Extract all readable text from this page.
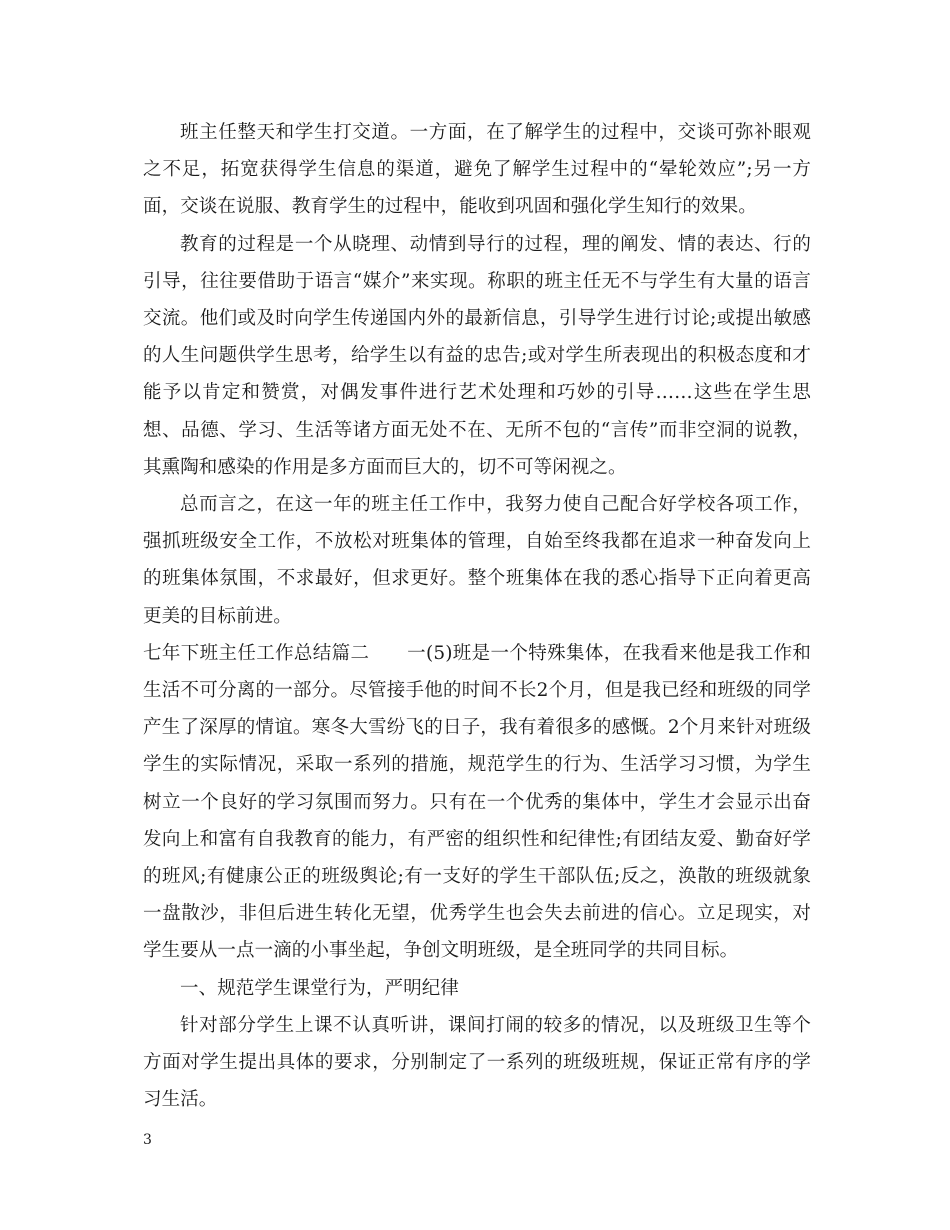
班主任整天和学生打交道。一方面，在了解学生的过程中，交谈可弥补眼观之不足，拓宽获得学生信息的渠道，避免了解学生过程中的“晕轮效应”;另一方面，交谈在说服、教育学生的过程中，能收到巩固和强化学生知行的效果。

教育的过程是一个从晓理、动情到导行的过程，理的阐发、情的表达、行的引导，往往要借助于语言“媒介”来实现。称职的班主任无不与学生有大量的语言交流。他们或及时向学生传递国内外的最新信息，引导学生进行讨论;或提出敏感的人生问题供学生思考，给学生以有益的忠告;或对学生所表现出的积极态度和才能予以肯定和赞赏，对偶发事件进行艺术处理和巧妙的引导……这些在学生思想、品德、学习、生活等诸方面无处不在、无所不包的“言传”而非空洞的说教，其熏陶和感染的作用是多方面而巨大的，切不可等闲视之。

总而言之，在这一年的班主任工作中，我努力使自己配合好学校各项工作，强抓班级安全工作，不放松对班集体的管理，自始至终我都在追求一种奋发向上的班集体氛围，不求最好，但求更好。整个班集体在我的悉心指导下正向着更高更美的目标前进。

七年下班主任工作总结篇二　　一(5)班是一个特殊集体，在我看来他是我工作和生活不可分离的一部分。尽管接手他的时间不长2个月，但是我已经和班级的同学产生了深厚的情谊。寒冬大雪纷飞的日子，我有着很多的感慨。2个月来针对班级学生的实际情况，采取一系列的措施，规范学生的行为、生活学习习惯，为学生树立一个良好的学习氛围而努力。只有在一个优秀的集体中，学生才会显示出奋发向上和富有自我教育的能力，有严密的组织性和纪律性;有团结友爱、勤奋好学的班风;有健康公正的班级舆论;有一支好的学生干部队伍;反之，涣散的班级就象一盘散沙，非但后进生转化无望，优秀学生也会失去前进的信心。立足现实，对学生要从一点一滴的小事坐起，争创文明班级，是全班同学的共同目标。

一、规范学生课堂行为，严明纪律

针对部分学生上课不认真听讲，课间打闹的较多的情况，以及班级卫生等个方面对学生提出具体的要求，分别制定了一系列的班级班规，保证正常有序的学习生活。

3
